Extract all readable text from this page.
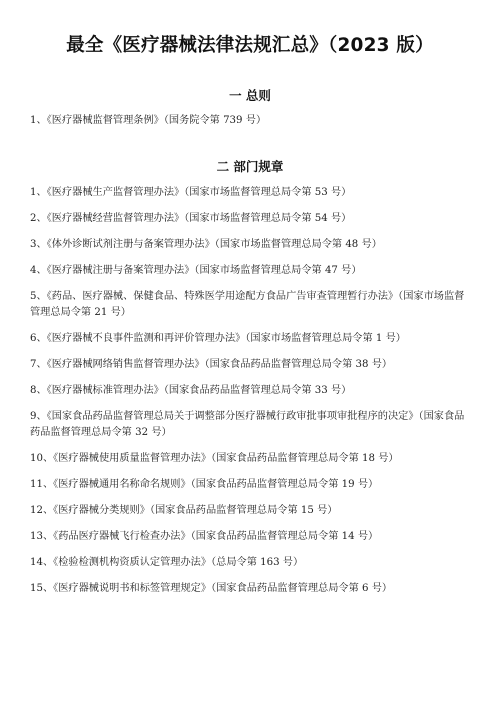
最全《医疗器械法律法规汇总》（2023 版）
一 总则
1、《医疗器械监督管理条例》（国务院令第 739 号）
二 部门规章
1、《医疗器械生产监督管理办法》（国家市场监督管理总局令第 53 号）
2、《医疗器械经营监督管理办法》（国家市场监督管理总局令第 54 号）
3、《体外诊断试剂注册与备案管理办法》（国家市场监督管理总局令第 48 号）
4、《医疗器械注册与备案管理办法》（国家市场监督管理总局令第 47 号）
5、《药品、医疗器械、保健食品、特殊医学用途配方食品广告审查管理暂行办法》（国家市场监督管理总局令第 21 号）
6、《医疗器械不良事件监测和再评价管理办法》（国家市场监督管理总局令第 1 号）
7、《医疗器械网络销售监督管理办法》（国家食品药品监督管理总局令第 38 号）
8、《医疗器械标准管理办法》（国家食品药品监督管理总局令第 33 号）
9、《国家食品药品监督管理总局关于调整部分医疗器械行政审批事项审批程序的决定》（国家食品药品监督管理总局令第 32 号）
10、《医疗器械使用质量监督管理办法》（国家食品药品监督管理总局令第 18 号）
11、《医疗器械通用名称命名规则》（国家食品药品监督管理总局令第 19 号）
12、《医疗器械分类规则》（国家食品药品监督管理总局令第 15 号）
13、《药品医疗器械飞行检查办法》（国家食品药品监督管理总局令第 14 号）
14、《检验检测机构资质认定管理办法》（总局令第 163 号）
15、《医疗器械说明书和标签管理规定》（国家食品药品监督管理总局令第 6 号）
